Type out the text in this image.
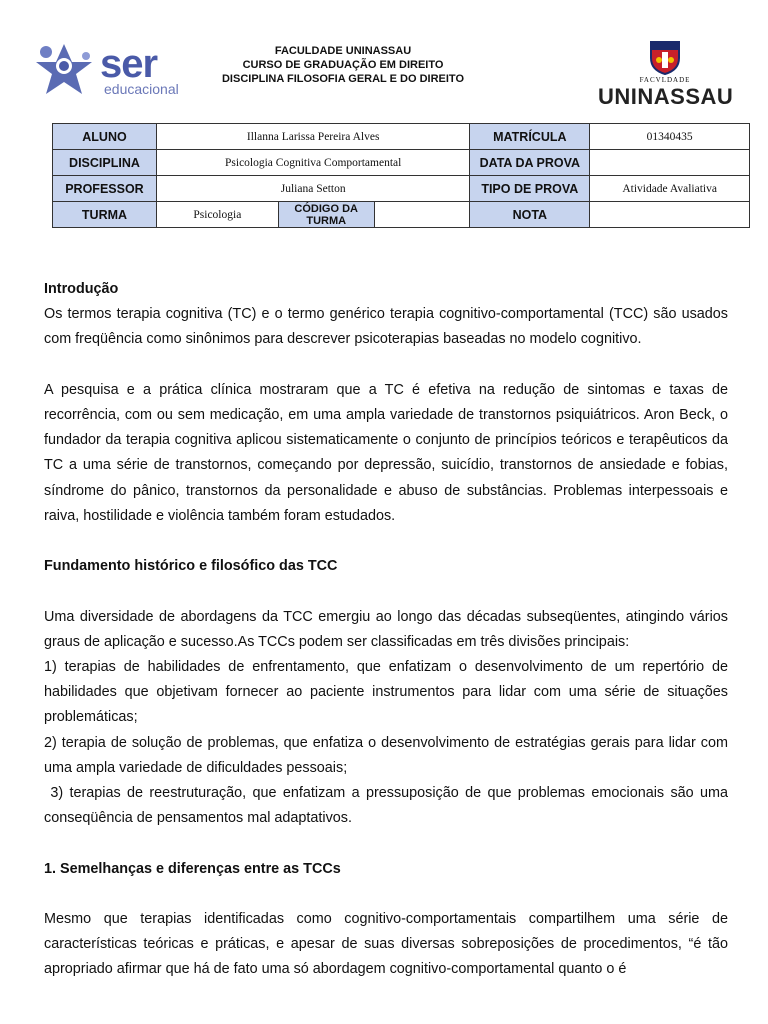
ser
educacional
FACULDADE UNINASSAU
CURSO DE GRADUAÇÃO EM DIREITO
DISCIPLINA FILOSOFIA GERAL E DO DIREITO	FACVLDADE
UNINASSAU
ALUNO	Illanna Larissa Pereira Alves			MATRÍCULA	01340435
DISCIPLINA	Psicologia Cognitiva Comportamental			DATA DA PROVA	
PROFESSOR	Juliana Setton			TIPO DE PROVA	Atividade Avaliativa
TURMA	Psicologia	CÓDIGO DA TURMA		NOTA	
Introdução

Os termos terapia cognitiva (TC) e o termo genérico terapia cognitivo-comportamental (TCC) são usados com freqüência como sinônimos para descrever psicoterapias baseadas no modelo cognitivo.

A pesquisa e a prática clínica mostraram que a TC é efetiva na redução de sintomas e taxas de recorrência, com ou sem medicação, em uma ampla variedade de transtornos psiquiátricos. Aron Beck, o fundador da terapia cognitiva aplicou sistematicamente o conjunto de princípios teóricos e terapêuticos da TC a uma série de transtornos, começando por depressão, suicídio, transtornos de ansiedade e fobias, síndrome do pânico, transtornos da personalidade e abuso de substâncias. Problemas interpessoais e raiva, hostilidade e violência também foram estudados.

Fundamento histórico e filosófico das TCC

Uma diversidade de abordagens da TCC emergiu ao longo das décadas subseqüentes, atingindo vários graus de aplicação e sucesso.As TCCs podem ser classificadas em três divisões principais:

1) terapias de habilidades de enfrentamento, que enfatizam o desenvolvimento de um repertório de habilidades que objetivam fornecer ao paciente instrumentos para lidar com uma série de situações problemáticas;

2) terapia de solução de problemas, que enfatiza o desenvolvimento de estratégias gerais para lidar com uma ampla variedade de dificuldades pessoais;

3) terapias de reestruturação, que enfatizam a pressuposição de que problemas emocionais são uma conseqüência de pensamentos mal adaptativos.

1. Semelhanças e diferenças entre as TCCs

Mesmo que terapias identificadas como cognitivo-comportamentais compartilhem uma série de características teóricas e práticas, e apesar de suas diversas sobreposições de procedimentos, “é tão apropriado afirmar que há de fato uma só abordagem cognitivo-comportamental quanto o é
